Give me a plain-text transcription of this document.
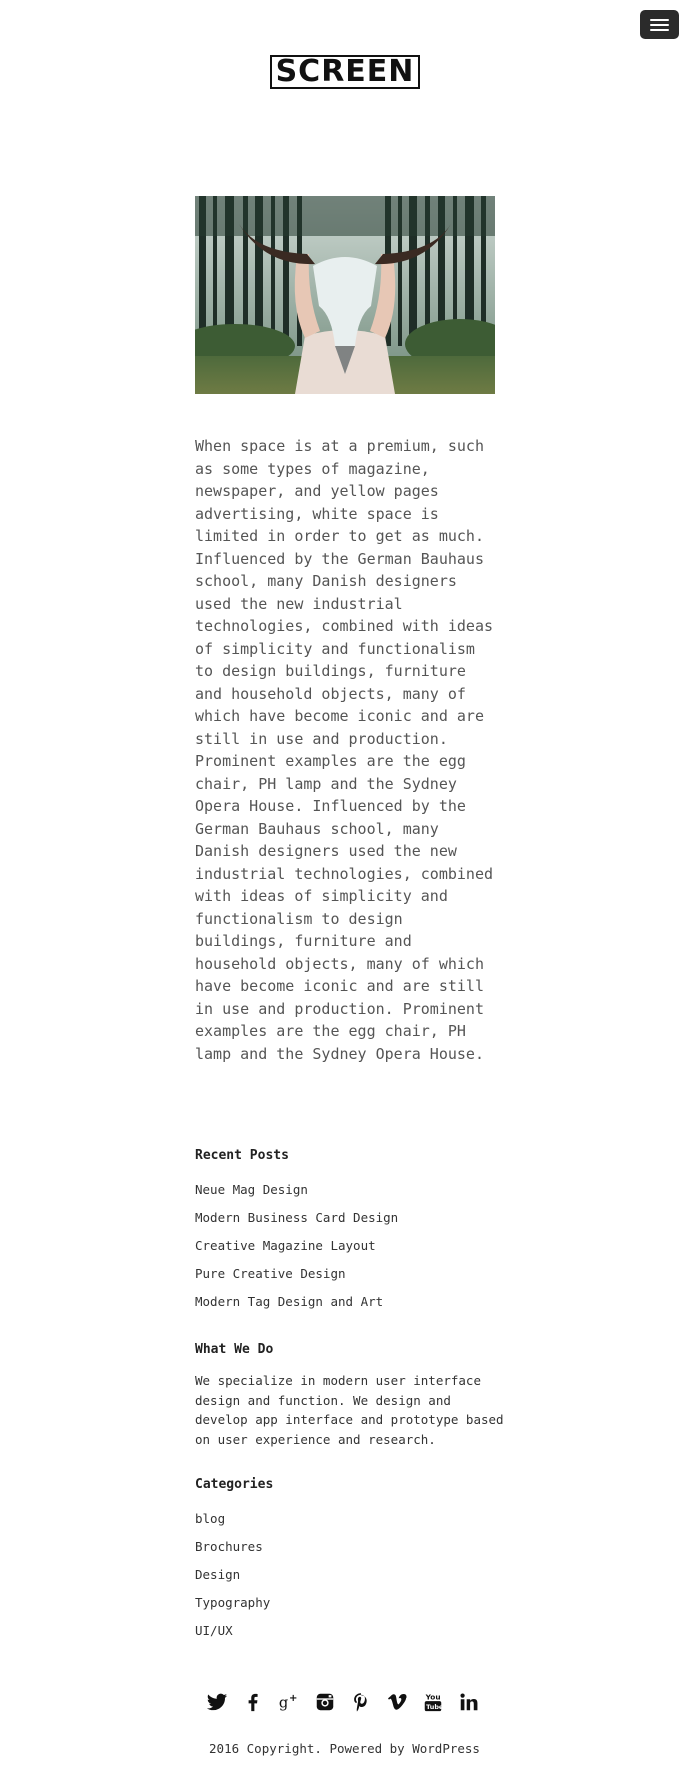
SCREEN

When space is at a premium, such as some types of magazine, newspaper, and yellow pages advertising, white space is limited in order to get as much. Influenced by the German Bauhaus school, many Danish designers used the new industrial technologies, combined with ideas of simplicity and functionalism to design buildings, furniture and household objects, many of which have become iconic and are still in use and production. Prominent examples are the egg chair, PH lamp and the Sydney Opera House. Influenced by the German Bauhaus school, many Danish designers used the new industrial technologies, combined with ideas of simplicity and functionalism to design buildings, furniture and household objects, many of which have become iconic and are still in use and production. Prominent examples are the egg chair, PH lamp and the Sydney Opera House.

Recent Posts
Neue Mag Design
Modern Business Card Design
Creative Magazine Layout
Pure Creative Design
Modern Tag Design and Art
What We Do

We specialize in modern user interface design and function. We design and develop app interface and prototype based on user experience and research.

Categories
blog
Brochures
Design
Typography
UI/UX
g +	You
Tube
2016 Copyright. Powered by WordPress
